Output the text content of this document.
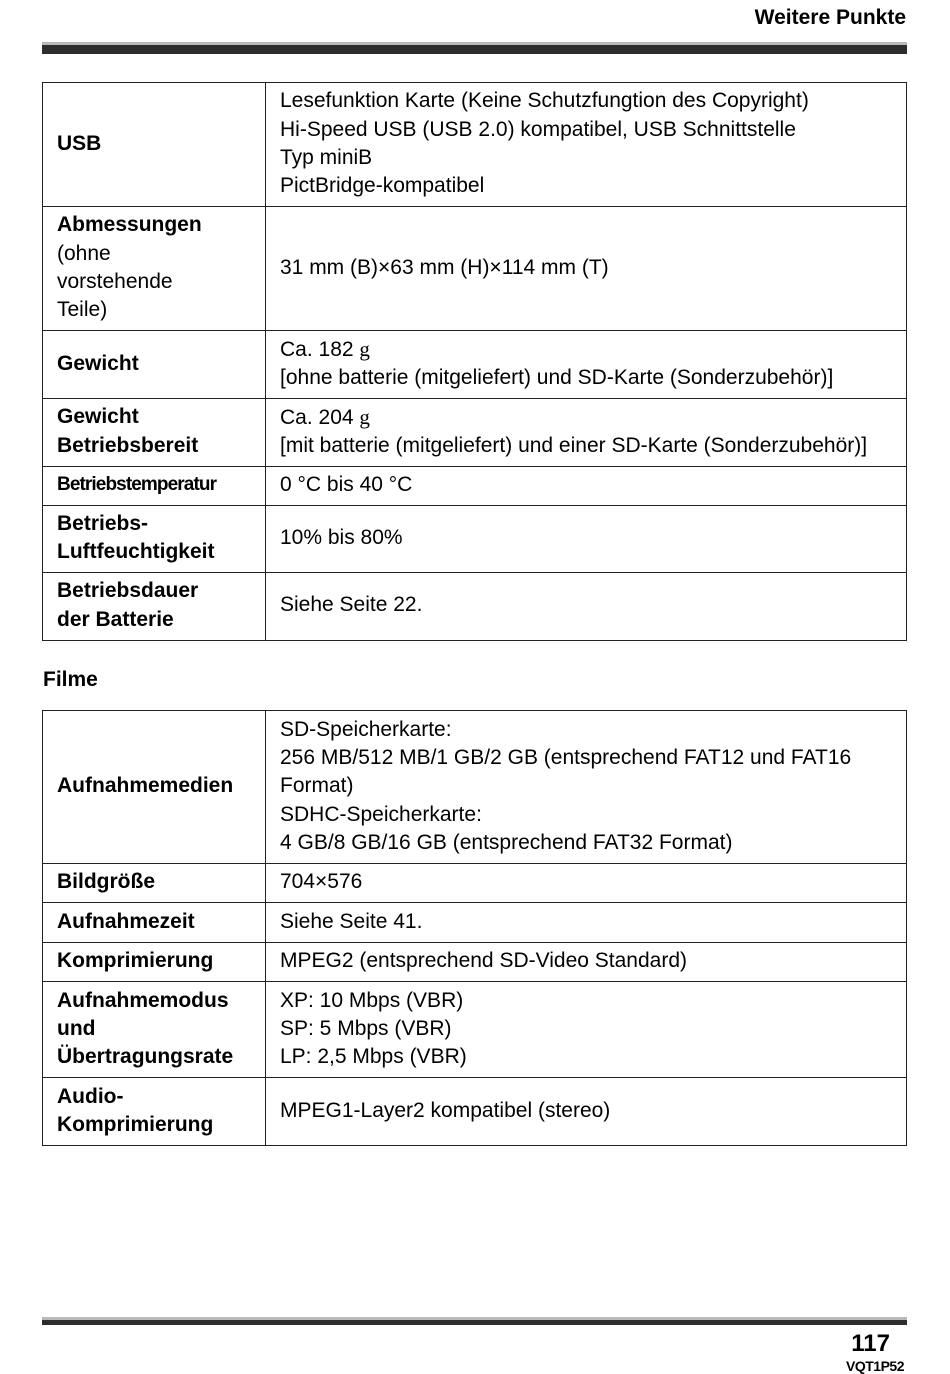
Weitere Punkte
USB	Lesefunktion Karte (Keine Schutzfungtion des Copyright)
Hi-Speed USB (USB 2.0) kompatibel, USB Schnittstelle
Typ miniB
PictBridge-kompatibel

Abmessungen
(ohne
vorstehende
Teile)	31 mm (B)×63 mm (H)×114 mm (T)

Gewicht	Ca. 182 g
[ohne batterie (mitgeliefert) und SD-Karte (Sonderzubehör)]

Gewicht
Betriebsbereit	Ca. 204 g
[mit batterie (mitgeliefert) und einer SD-Karte (Sonderzubehör)]

Betriebstemperatur	0 °C bis 40 °C

Betriebs-
Luftfeuchtigkeit	10% bis 80%

Betriebsdauer
der Batterie	Siehe Seite 22.
Filme
Aufnahmemedien	SD-Speicherkarte:
256 MB/512 MB/1 GB/2 GB (entsprechend FAT12 und FAT16
Format)
SDHC-Speicherkarte:
4 GB/8 GB/16 GB (entsprechend FAT32 Format)

Bildgröße	704×576

Aufnahmezeit	Siehe Seite 41.

Komprimierung	MPEG2 (entsprechend SD-Video Standard)

Aufnahmemodus
und
Übertragungsrate	XP: 10 Mbps (VBR)
SP: 5 Mbps (VBR)
LP: 2,5 Mbps (VBR)

Audio-
Komprimierung	MPEG1-Layer2 kompatibel (stereo)
117
VQT1P52
